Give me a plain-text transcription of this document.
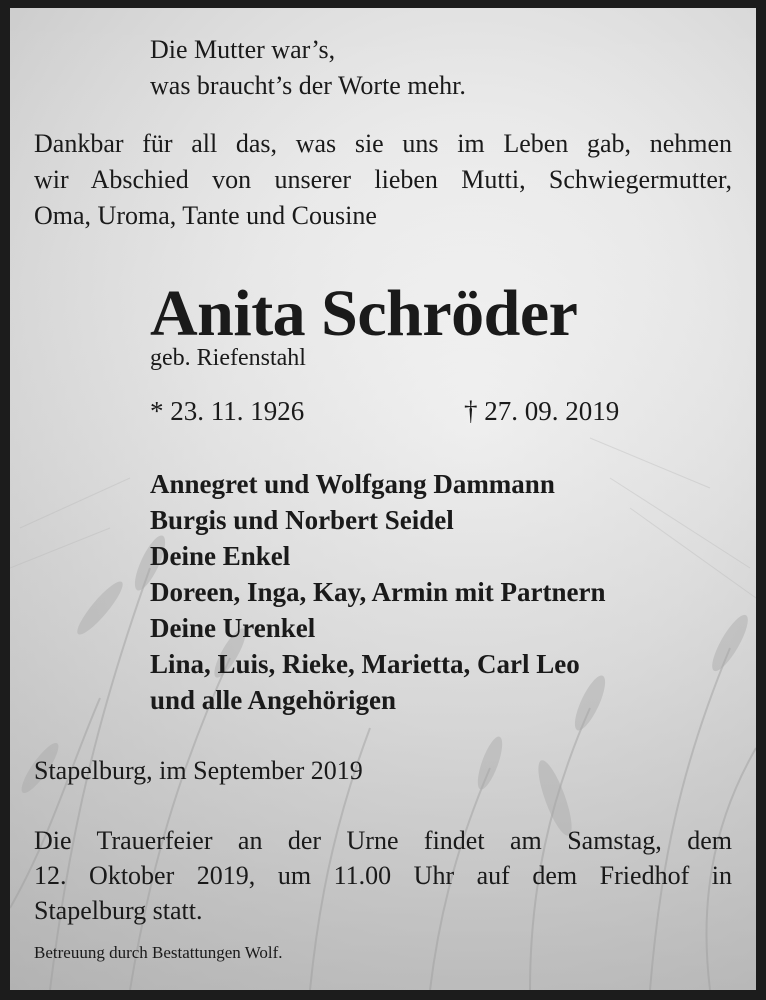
Die Mutter war’s,
was braucht’s der Worte mehr.
Dankbar für all das, was sie uns im Leben gab, nehmen
wir Abschied von unserer lieben Mutti, Schwiegermutter,
Oma, Uroma, Tante und Cousine
Anita Schröder
geb. Riefenstahl
* 23. 11. 1926	† 27. 09. 2019
Annegret und Wolfgang Dammann
Burgis und Norbert Seidel
Deine Enkel
Doreen, Inga, Kay, Armin mit Partnern
Deine Urenkel
Lina, Luis, Rieke, Marietta, Carl Leo
und alle Angehörigen
Stapelburg, im September 2019
Die Trauerfeier an der Urne findet am Samstag, dem
12. Oktober 2019, um 11.00 Uhr auf dem Friedhof in
Stapelburg statt.
Betreuung durch Bestattungen Wolf.
